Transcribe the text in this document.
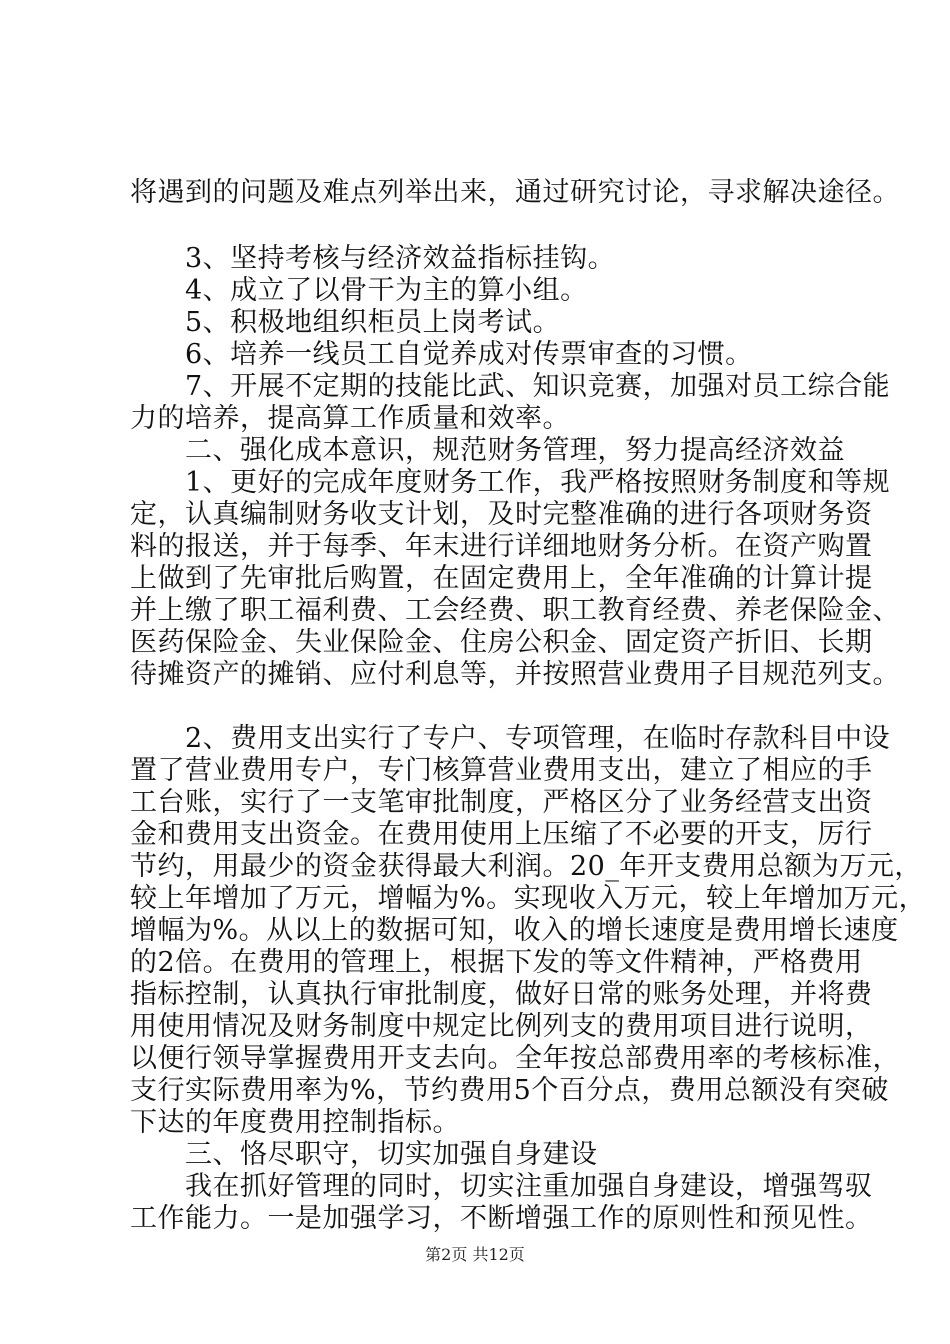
将遇到的问题及难点列举出来，通过研究讨论，寻求解决途径。
　　3、坚持考核与经济效益指标挂钩。
　　4、成立了以骨干为主的算小组。
　　5、积极地组织柜员上岗考试。
　　6、培养一线员工自觉养成对传票审查的习惯。
　　7、开展不定期的技能比武、知识竞赛，加强对员工综合能
力的培养，提高算工作质量和效率。
　　二、强化成本意识，规范财务管理，努力提高经济效益
　　1、更好的完成年度财务工作，我严格按照财务制度和等规
定，认真编制财务收支计划，及时完整准确的进行各项财务资
料的报送，并于每季、年末进行详细地财务分析。在资产购置
上做到了先审批后购置，在固定费用上，全年准确的计算计提
并上缴了职工福利费、工会经费、职工教育经费、养老保险金、
医药保险金、失业保险金、住房公积金、固定资产折旧、长期
待摊资产的摊销、应付利息等，并按照营业费用子目规范列支。
　　2、费用支出实行了专户、专项管理，在临时存款科目中设
置了营业费用专户，专门核算营业费用支出，建立了相应的手
工台账，实行了一支笔审批制度，严格区分了业务经营支出资
金和费用支出资金。在费用使用上压缩了不必要的开支，厉行
节约，用最少的资金获得最大利润。20_年开支费用总额为万元，
较上年增加了万元，增幅为%。实现收入万元，较上年增加万元，
增幅为%。从以上的数据可知，收入的增长速度是费用增长速度
的2倍。在费用的管理上，根据下发的等文件精神，严格费用
指标控制，认真执行审批制度，做好日常的账务处理，并将费
用使用情况及财务制度中规定比例列支的费用项目进行说明，
以便行领导掌握费用开支去向。全年按总部费用率的考核标准，
支行实际费用率为%，节约费用5个百分点，费用总额没有突破
下达的年度费用控制指标。
　　三、恪尽职守，切实加强自身建设
　　我在抓好管理的同时，切实注重加强自身建设，增强驾驭
工作能力。一是加强学习，不断增强工作的原则性和预见性。
第2页 共12页
